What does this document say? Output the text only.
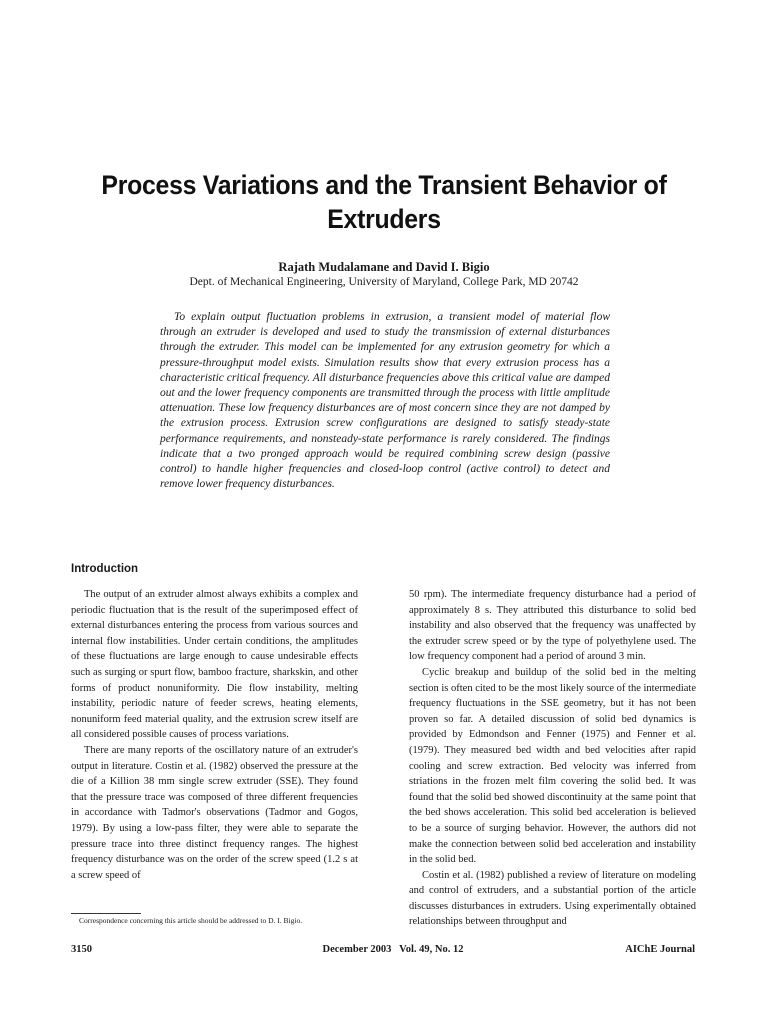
Process Variations and the Transient Behavior of Extruders
Rajath Mudalamane and David I. Bigio
Dept. of Mechanical Engineering, University of Maryland, College Park, MD 20742

To explain output fluctuation problems in extrusion, a transient model of material flow through an extruder is developed and used to study the transmission of external disturbances through the extruder. This model can be implemented for any extrusion geometry for which a pressure-throughput model exists. Simulation results show that every extrusion process has a characteristic critical frequency. All disturbance frequencies above this critical value are damped out and the lower frequency components are transmitted through the process with little amplitude attenuation. These low frequency disturbances are of most concern since they are not damped by the extrusion process. Extrusion screw configurations are designed to satisfy steady-state performance requirements, and nonsteady-state performance is rarely considered. The findings indicate that a two pronged approach would be required combining screw design (passive control) to handle higher frequencies and closed-loop control (active control) to detect and remove lower frequency disturbances.

Introduction

The output of an extruder almost always exhibits a complex and periodic fluctuation that is the result of the superimposed effect of external disturbances entering the process from various sources and internal flow instabilities. Under certain conditions, the amplitudes of these fluctuations are large enough to cause undesirable effects such as surging or spurt flow, bamboo fracture, sharkskin, and other forms of product nonuniformity. Die flow instability, melting instability, periodic nature of feeder screws, heating elements, nonuniform feed material quality, and the extrusion screw itself are all considered possible causes of process variations.

There are many reports of the oscillatory nature of an extruder's output in literature. Costin et al. (1982) observed the pressure at the die of a Killion 38 mm single screw extruder (SSE). They found that the pressure trace was composed of three different frequencies in accordance with Tadmor's observations (Tadmor and Gogos, 1979). By using a low-pass filter, they were able to separate the pressure trace into three distinct frequency ranges. The highest frequency disturbance was on the order of the screw speed (1.2 s at a screw speed of

50 rpm). The intermediate frequency disturbance had a period of approximately 8 s. They attributed this disturbance to solid bed instability and also observed that the frequency was unaffected by the extruder screw speed or by the type of polyethylene used. The low frequency component had a period of around 3 min.

Cyclic breakup and buildup of the solid bed in the melting section is often cited to be the most likely source of the intermediate frequency fluctuations in the SSE geometry, but it has not been proven so far. A detailed discussion of solid bed dynamics is provided by Edmondson and Fenner (1975) and Fenner et al. (1979). They measured bed width and bed velocities after rapid cooling and screw extraction. Bed velocity was inferred from striations in the frozen melt film covering the solid bed. It was found that the solid bed showed discontinuity at the same point that the bed shows acceleration. This solid bed acceleration is believed to be a source of surging behavior. However, the authors did not make the connection between solid bed acceleration and instability in the solid bed.

Costin et al. (1982) published a review of literature on modeling and control of extruders, and a substantial portion of the article discusses disturbances in extruders. Using experimentally obtained relationships between throughput and

Correspondence concerning this article should be addressed to D. I. Bigio.
3150	December 2003   Vol. 49, No. 12	AIChE Journal
